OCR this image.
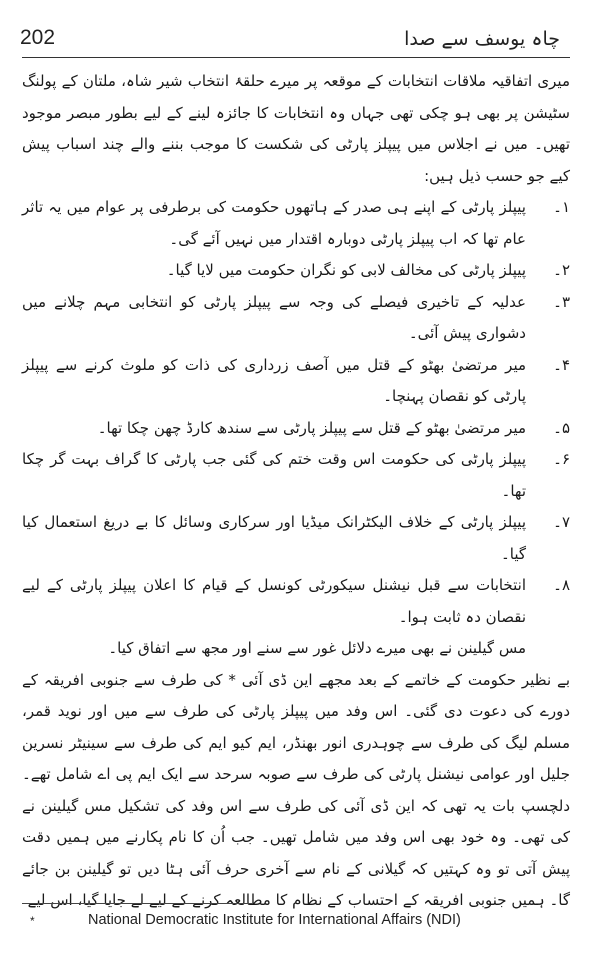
202	چاہ یوسف سے صدا

میری اتفاقیہ ملاقات انتخابات کے موقعہ پر میرے حلقۂ انتخاب شیر شاہ، ملتان کے پولنگ سٹیشن پر بھی ہو چکی تھی جہاں وہ انتخابات کا جائزہ لینے کے لیے بطور مبصر موجود تھیں۔ میں نے اجلاس میں پیپلز پارٹی کی شکست کا موجب بننے والے چند اسباب پیش کیے جو حسب ذیل ہیں:

۱۔
پیپلز پارٹی کے اپنے ہی صدر کے ہاتھوں حکومت کی برطرفی پر عوام میں یہ تاثر عام تھا کہ اب پیپلز پارٹی دوبارہ اقتدار میں نہیں آئے گی۔
۲۔
پیپلز پارٹی کی مخالف لابی کو نگران حکومت میں لایا گیا۔
۳۔
عدلیہ کے تاخیری فیصلے کی وجہ سے پیپلز پارٹی کو انتخابی مہم چلانے میں دشواری پیش آئی۔
۴۔
میر مرتضیٰ بھٹو کے قتل میں آصف زرداری کی ذات کو ملوث کرنے سے پیپلز پارٹی کو نقصان پہنچا۔
۵۔
میر مرتضیٰ بھٹو کے قتل سے پیپلز پارٹی سے سندھ کارڈ چھن چکا تھا۔
۶۔
پیپلز پارٹی کی حکومت اس وقت ختم کی گئی جب پارٹی کا گراف بہت گر چکا تھا۔
۷۔
پیپلز پارٹی کے خلاف الیکٹرانک میڈیا اور سرکاری وسائل کا بے دریغ استعمال کیا گیا۔
۸۔
انتخابات سے قبل نیشنل سیکورٹی کونسل کے قیام کا اعلان پیپلز پارٹی کے لیے نقصان دہ ثابت ہوا۔

مس گیلینن نے بھی میرے دلائل غور سے سنے اور مجھ سے اتفاق کیا۔

بے نظیر حکومت کے خاتمے کے بعد مجھے این ڈی آئی * کی طرف سے جنوبی افریقہ کے دورے کی دعوت دی گئی۔ اس وفد میں پیپلز پارٹی کی طرف سے میں اور نوید قمر، مسلم لیگ کی طرف سے چوہدری انور بھنڈر، ایم کیو ایم کی طرف سے سینیٹر نسرین جلیل اور عوامی نیشنل پارٹی کی طرف سے صوبہ سرحد سے ایک ایم پی اے شامل تھے۔ دلچسپ بات یہ تھی کہ این ڈی آئی کی طرف سے اس وفد کی تشکیل مس گیلینن نے کی تھی۔ وہ خود بھی اس وفد میں شامل تھیں۔ جب اُن کا نام پکارنے میں ہمیں دقت پیش آتی تو وہ کہتیں کہ گیلانی کے نام سے آخری حرف آئی ہٹا دیں تو گیلینن بن جائے گا۔ ہمیں جنوبی افریقہ کے احتساب کے نظام کا مطالعہ کرنے کے لیے لے جایا گیا، اس لیے

*	National Democratic Institute for International Affairs (NDI)
